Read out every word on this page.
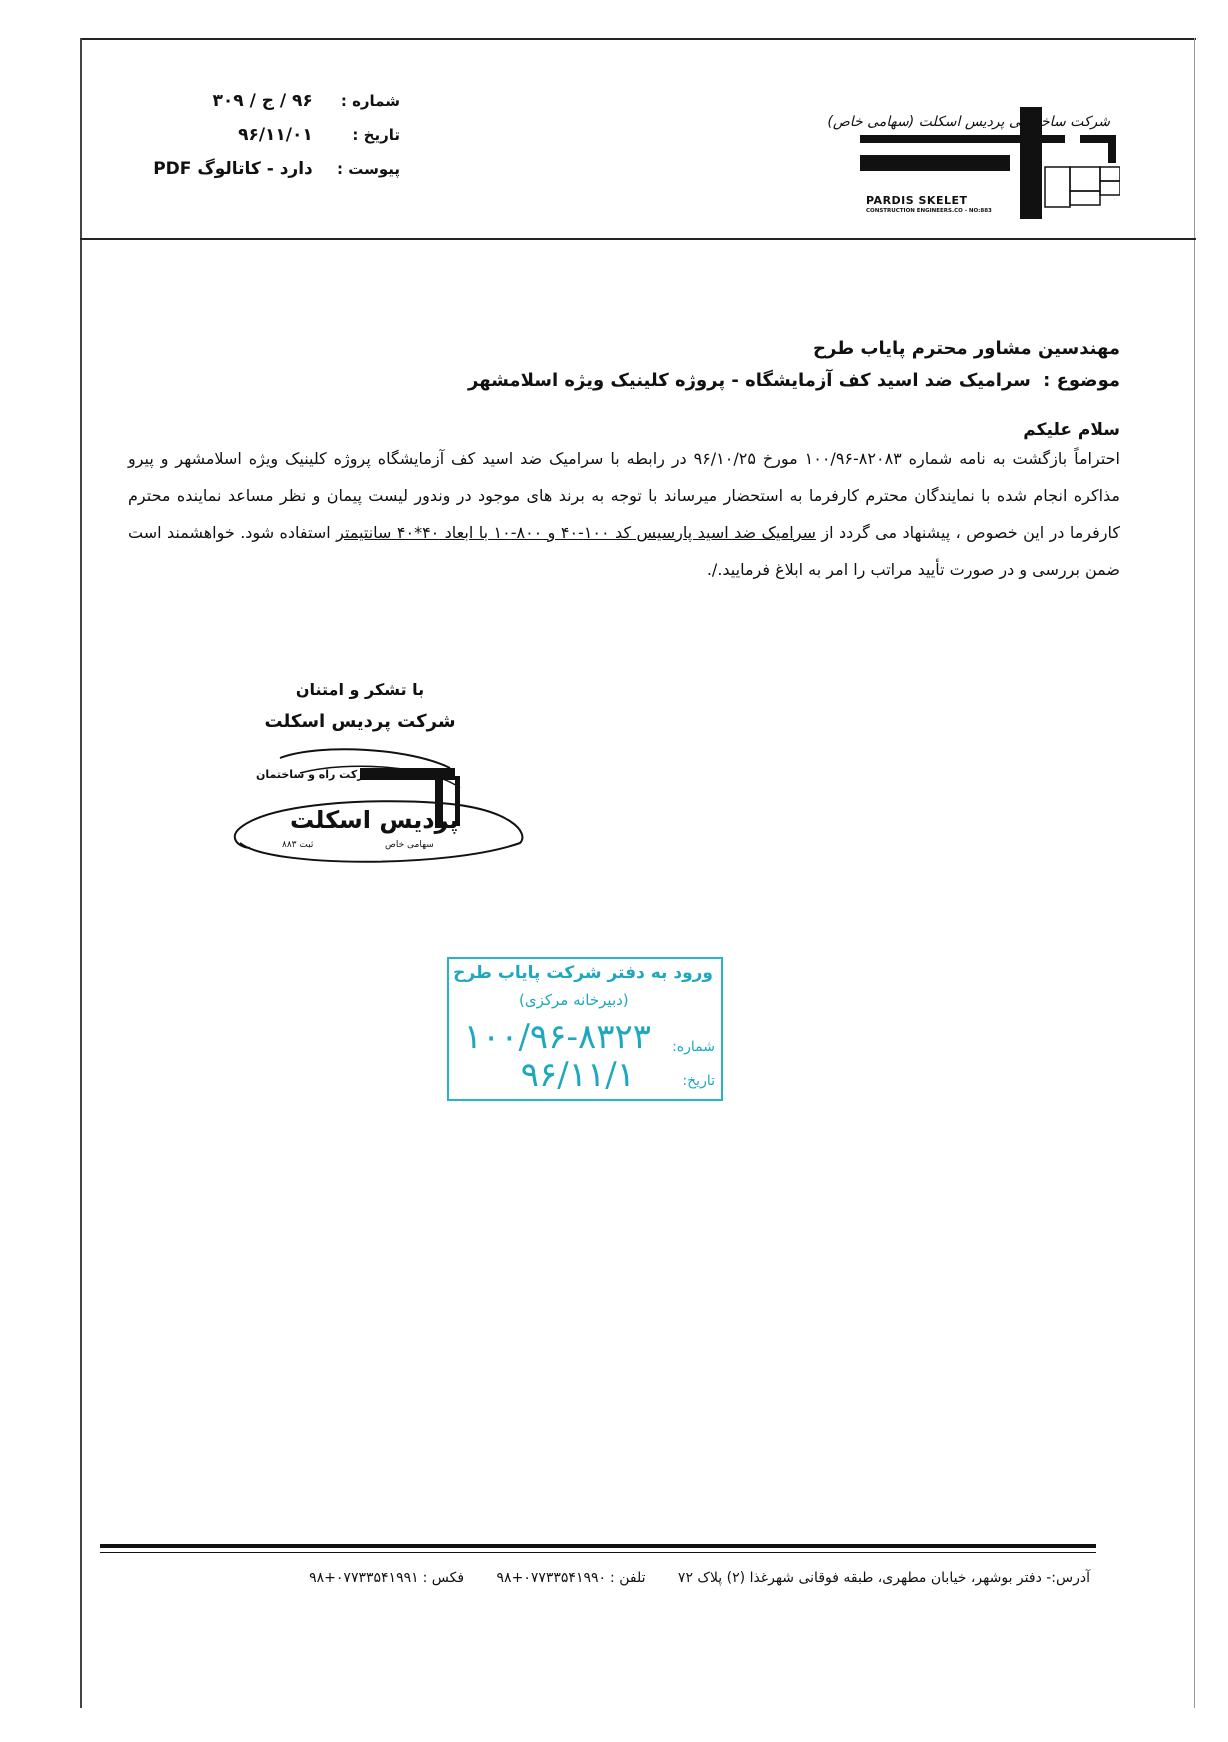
شماره : ۹۶ / ج / ۳۰۹
تاریخ : ۹۶/۱۱/۰۱
پیوست : دارد - کاتالوگ PDF
شرکت ساختمانی پردیس اسکلت (سهامی خاص)
PARDIS SKELET
CONSTRUCTION ENGINEERS.CO - NO:883
مهندسین مشاور محترم پایاب طرح
موضوع : سرامیک ضد اسید کف آزمایشگاه - پروژه کلینیک ویژه اسلامشهر
سلام علیکم
احتراماً بازگشت به نامه شماره ۸۲۰۸۳-۱۰۰/۹۶ مورخ ۹۶/۱۰/۲۵ در رابطه با سرامیک ضد اسید کف آزمایشگاه پروژه کلینیک ویژه اسلامشهر و پیرو مذاکره انجام شده با نمایندگان محترم کارفرما به استحضار میرساند با توجه به برند های موجود در وندور لیست پیمان و نظر مساعد نماینده محترم کارفرما در این خصوص ، پیشنهاد می گردد از سرامیک ضد اسید پارسیس کد ۱۰۰-۴۰ و ۸۰۰-۱۰ با ابعاد ۴۰*۴۰ سانتیمتر استفاده شود. خواهشمند است ضمن بررسی و در صورت تأیید مراتب را امر به ابلاغ فرمایید./.
با تشکر و امتنان
شرکت پردیس اسکلت
شرکت راه و ساختمان
پردیس اسکلت
سهامی خاص
ثبت ۸۸۳
ورود به دفتر شرکت پایاب طرح
(دبیرخانه مرکزی)
شماره:
۱۰۰/۹۶-۸۳۲۳
تاریخ:
۹۶/۱۱/۱
آدرس:- دفتر بوشهر، خیابان مطهری، طبقه فوقانی شهرغذا (۲) پلاک ۷۲ تلفن :۰۷۷۳۳۵۴۱۹۹۰+۹۸ فکس :۰۷۷۳۳۵۴۱۹۹۱+۹۸
